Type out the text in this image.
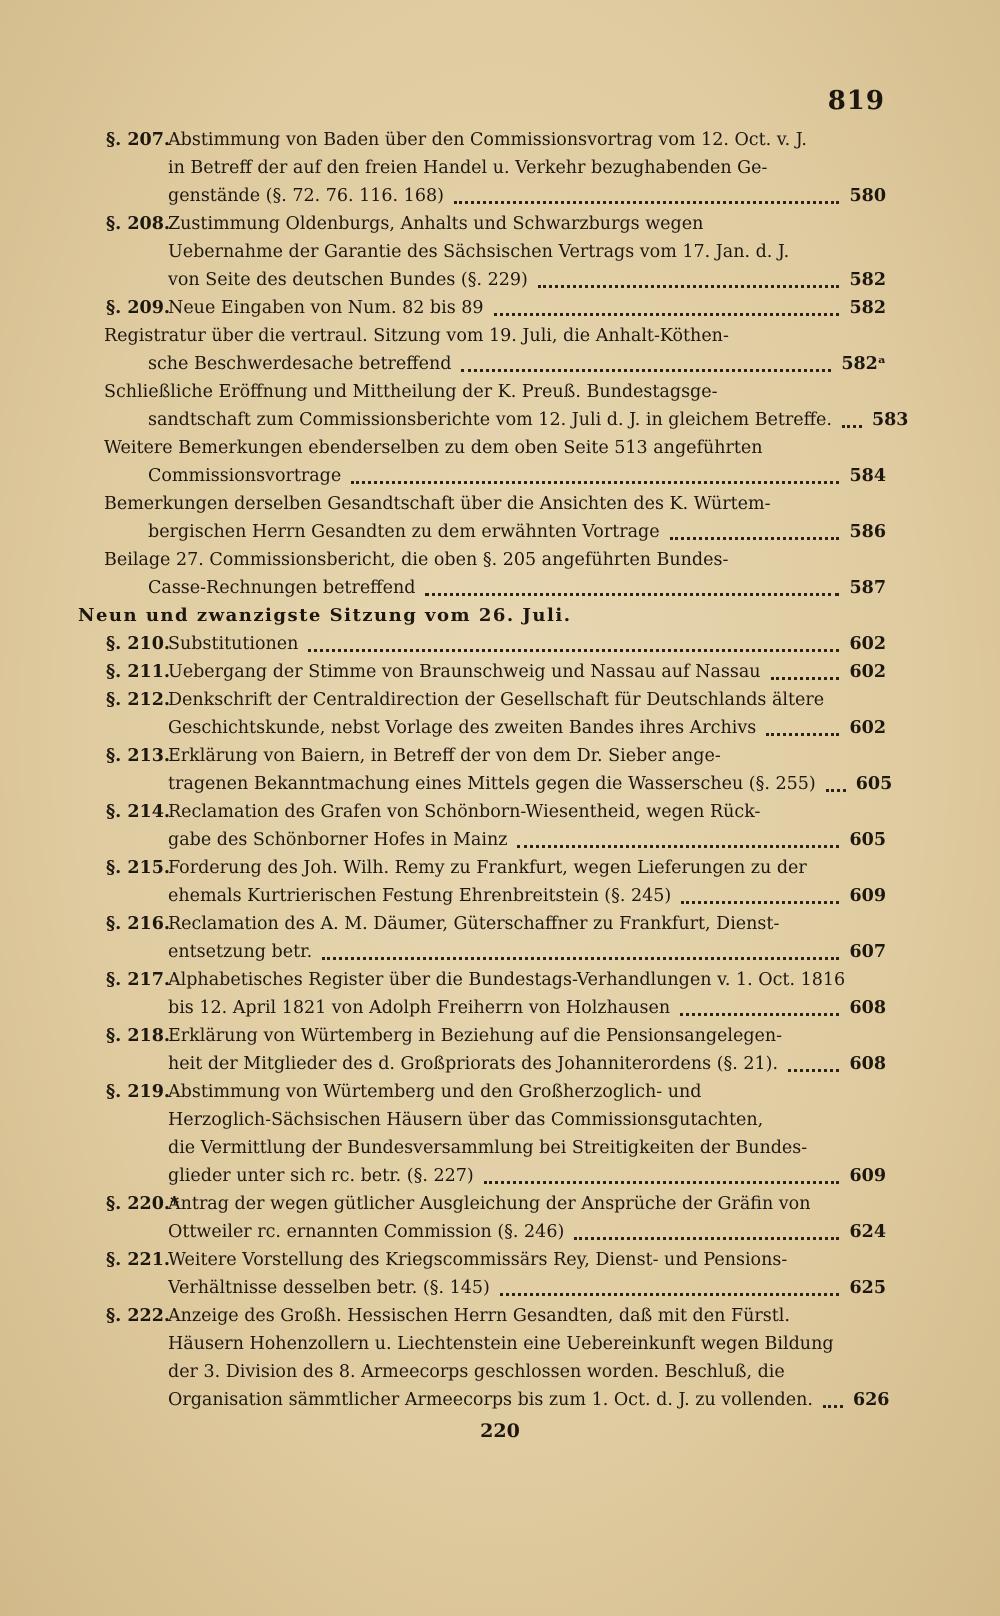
819
§. 207.
Abstimmung von Baden über den Commissionsvortrag vom 12. Oct. v. J.
in Betreff der auf den freien Handel u. Verkehr bezughabenden Ge-
genstände (§. 72. 76. 116. 168)	580
§. 208.
Zustimmung Oldenburgs, Anhalts und Schwarzburgs wegen
Uebernahme der Garantie des Sächsischen Vertrags vom 17. Jan. d. J.
von Seite des deutschen Bundes (§. 229)	582
§. 209.
Neue Eingaben von Num. 82 bis 89	582
Registratur über die vertraul. Sitzung vom 19. Juli, die Anhalt-Köthen-
sche Beschwerdesache betreffend	582ᵃ
Schließliche Eröffnung und Mittheilung der K. Preuß. Bundestagsge-
sandtschaft zum Commissionsberichte vom 12. Juli d. J. in gleichem Betreffe. 583
Weitere Bemerkungen ebenderselben zu dem oben Seite 513 angeführten
Commissionsvortrage	584
Bemerkungen derselben Gesandtschaft über die Ansichten des K. Würtem-
bergischen Herrn Gesandten zu dem erwähnten Vortrage	586
Beilage 27. Commissionsbericht, die oben §. 205 angeführten Bundes-
Casse-Rechnungen betreffend	587
Neun und zwanzigste Sitzung vom 26. Juli.
§. 210.
Substitutionen	602
§. 211.
Uebergang der Stimme von Braunschweig und Nassau auf Nassau	602
§. 212.
Denkschrift der Centraldirection der Gesellschaft für Deutschlands ältere
Geschichtskunde, nebst Vorlage des zweiten Bandes ihres Archivs	602
§. 213.
Erklärung von Baiern, in Betreff der von dem Dr. Sieber ange-
tragenen Bekanntmachung eines Mittels gegen die Wasserscheu (§. 255) 605
§. 214.
Reclamation des Grafen von Schönborn-Wiesentheid, wegen Rück-
gabe des Schönborner Hofes in Mainz	605
§. 215.
Forderung des Joh. Wilh. Remy zu Frankfurt, wegen Lieferungen zu der
ehemals Kurtrierischen Festung Ehrenbreitstein (§. 245)	609
§. 216.
Reclamation des A. M. Däumer, Güterschaffner zu Frankfurt, Dienst-
entsetzung betr.	607
§. 217.
Alphabetisches Register über die Bundestags-Verhandlungen v. 1. Oct. 1816
bis 12. April 1821 von Adolph Freiherrn von Holzhausen	608
§. 218.
Erklärung von Würtemberg in Beziehung auf die Pensionsangelegen-
heit der Mitglieder des d. Großpriorats des Johanniterordens (§. 21).	608
§. 219.
Abstimmung von Würtemberg und den Großherzoglich- und
Herzoglich-Sächsischen Häusern über das Commissionsgutachten,
die Vermittlung der Bundesversammlung bei Streitigkeiten der Bundes-
glieder unter sich rc. betr. (§. 227)	609
§. 220.*
Antrag der wegen gütlicher Ausgleichung der Ansprüche der Gräfin von
Ottweiler rc. ernannten Commission (§. 246)	624
§. 221.
Weitere Vorstellung des Kriegscommissärs Rey, Dienst- und Pensions-
Verhältnisse desselben betr. (§. 145)	625
§. 222.
Anzeige des Großh. Hessischen Herrn Gesandten, daß mit den Fürstl.
Häusern Hohenzollern u. Liechtenstein eine Uebereinkunft wegen Bildung
der 3. Division des 8. Armeecorps geschlossen worden. Beschluß, die
Organisation sämmtlicher Armeecorps bis zum 1. Oct. d. J. zu vollenden. 626
220
